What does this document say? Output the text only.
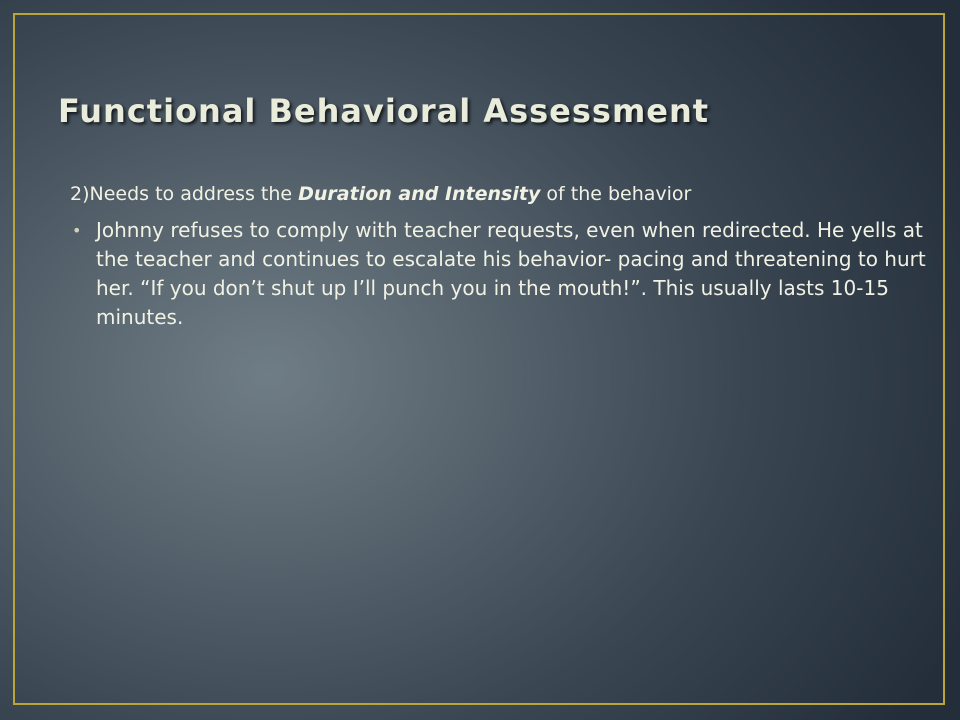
Functional Behavioral Assessment

2)Needs to address the Duration and Intensity of the behavior

• Johnny refuses to comply with teacher requests, even when redirected. He yells at the teacher and continues to escalate his behavior- pacing and threatening to hurt her. “If you don’t shut up I’ll punch you in the mouth!”. This usually lasts 10-15 minutes.
